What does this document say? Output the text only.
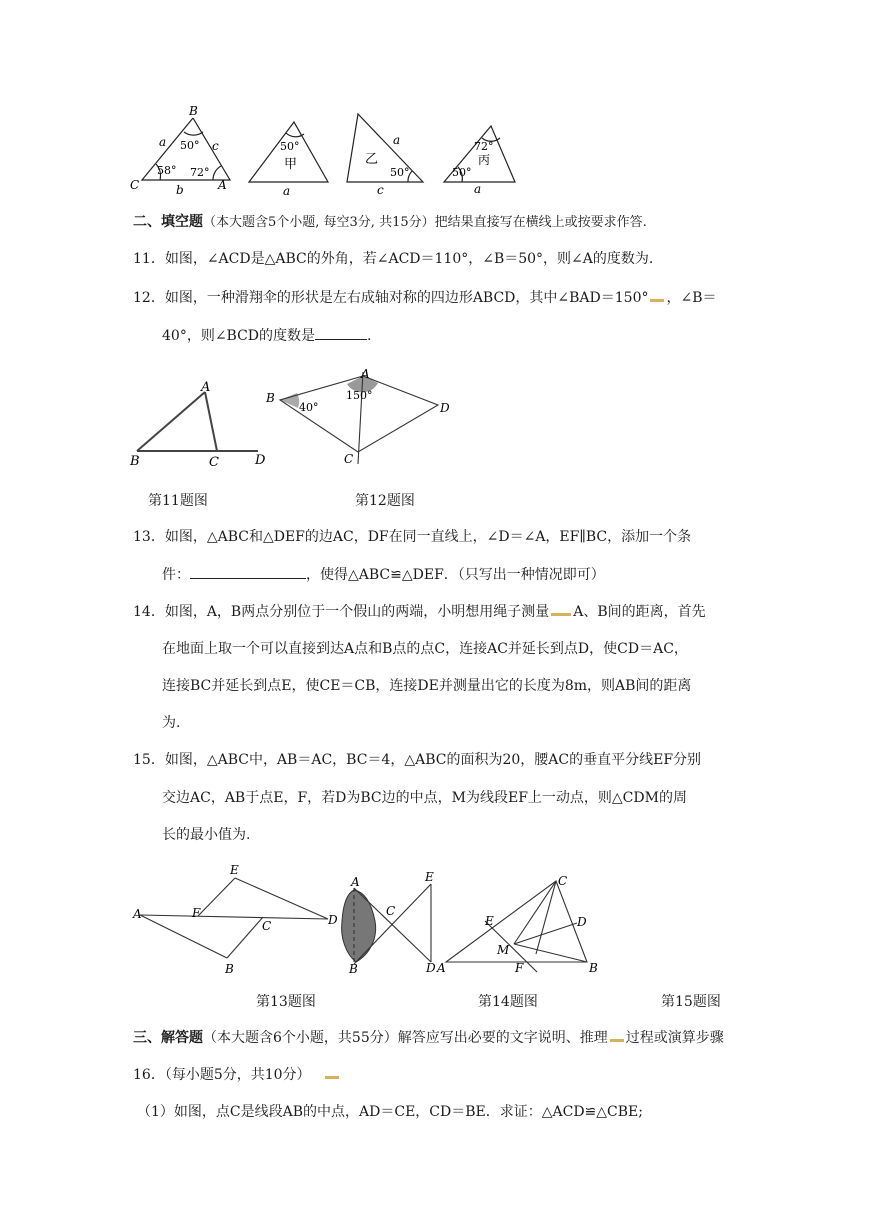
B
C	A
a
b
c
50°
58° 72°
50°
甲
a
a
乙
50°
c
72°
丙
50°
a
二、填空题（本大题含5个小题, 每空3分, 共15分）把结果直接写在横线上或按要求作答.
11．如图，∠ACD是△ABC的外角，若∠ACD＝110°，∠B＝50°，则∠A的度数为.
12．如图，一种滑翔伞的形状是左右成轴对称的四边形ABCD，其中∠BAD＝150° ，∠B＝
40°，则∠BCD的度数是	.
A
B	C	D
A
B
C
D
150°
40°
第11题图	第12题图
13．如图，△ABC和△DEF的边AC，DF在同一直线上，∠D＝∠A，EF∥BC，添加一个条
件：	，使得△ABC≌△DEF．（只写出一种情况即可）
14．如图，A，B两点分别位于一个假山的两端，小明想用绳子测量 A、B间的距离，首先
在地面上取一个可以直接到达A点和B点的点C，连接AC并延长到点D，使CD＝AC，
连接BC并延长到点E，使CE＝CB，连接DE并测量出它的长度为8m，则AB间的距离
为.
15．如图，△ABC中，AB＝AC，BC＝4，△ABC的面积为20，腰AC的垂直平分线EF分别
交边AC，AB于点E，F，若D为BC边的中点，M为线段EF上一动点，则△CDM的周
长的最小值为.
E
A	F
C	D
B
A
B
C
E
D
C
E	D
M
F
A	B
第13题图	第14题图	第15题图
三、解答题（本大题含6个小题，共55分）解答应写出必要的文字说明、推理 过程或演算步骤
16．（每小题5分，共10分）
（1）如图，点C是线段AB的中点，AD＝CE，CD＝BE．求证：△ACD≌△CBE;
